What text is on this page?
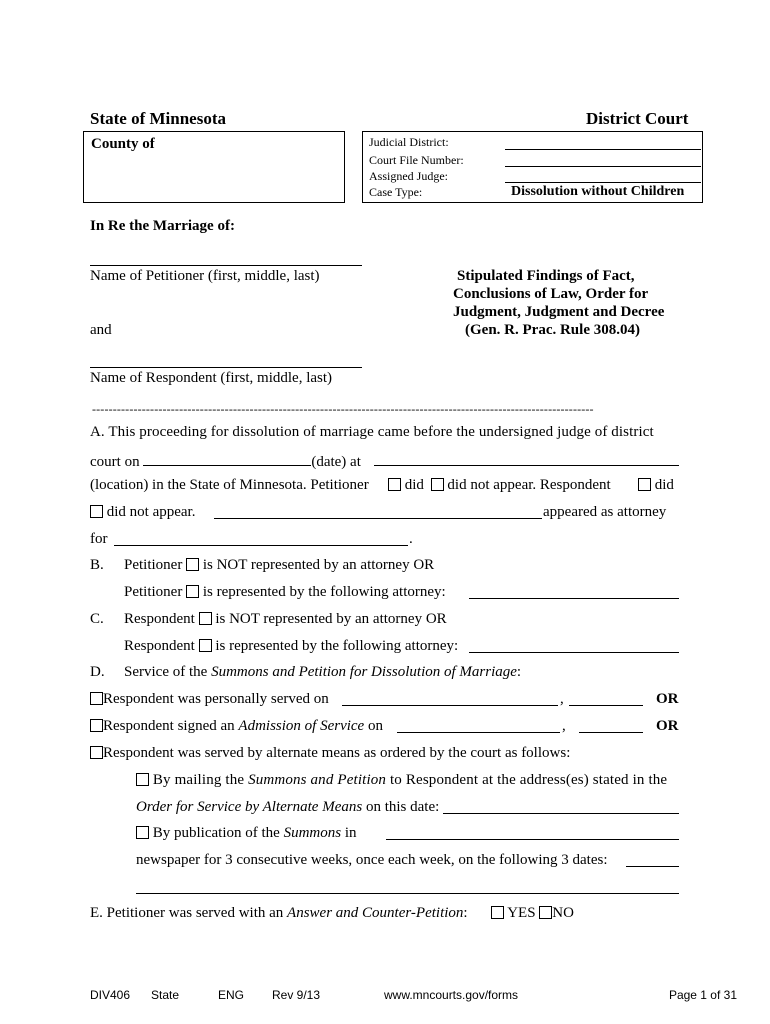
State of Minnesota	District Court
County of	Judicial District:
Court File Number:
Assigned Judge:
Case Type:	Dissolution without Children
In Re the Marriage of:
Name of Petitioner (first, middle, last)
and
Name of Respondent (first, middle, last)
Stipulated Findings of Fact,
Conclusions of Law, Order for
Judgment, Judgment and Decree
(Gen. R. Prac. Rule 308.04)
-------------------------------------------------------------------------------------------------------------------------
A. This proceeding for dissolution of marriage came before the undersigned judge of district
court on	(date) at
(location) in the State of Minnesota. Petitioner	did did not appear. Respondent	did
did not appear.	appeared as attorney
for	.
B. Petitioner is NOT represented by an attorney OR
Petitioner is represented by the following attorney:
C. Respondent is NOT represented by an attorney OR
Respondent is represented by the following attorney:
D. Service of the Summons and Petition for Dissolution of Marriage:
Respondent was personally served on	,	OR
Respondent signed an Admission of Service on	,	OR
Respondent was served by alternate means as ordered by the court as follows:
By mailing the Summons and Petition to Respondent at the address(es) stated in the
Order for Service by Alternate Means on this date:
By publication of the Summons in
newspaper for 3 consecutive weeks, once each week, on the following 3 dates:
E. Petitioner was served with an Answer and Counter-Petition:	YES NO
DIV406 State	ENG Rev 9/13	www.mncourts.gov/forms	Page 1 of 31
